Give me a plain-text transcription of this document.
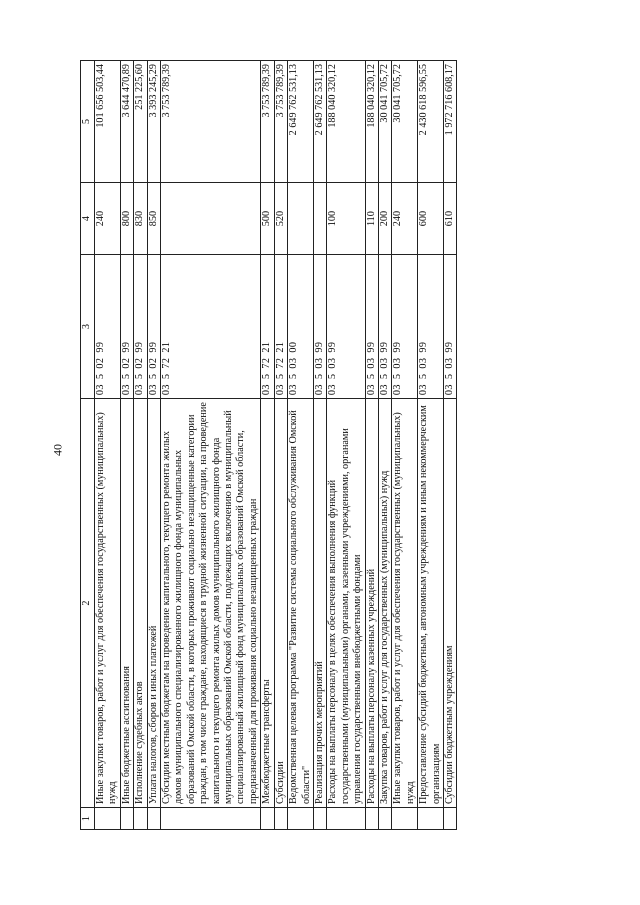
40
1	2	3	4	5
	Иные закупки товаров, работ и услуг для обеспечения государственных (муниципальных) нужд	0350299	240	101 656 503,44
	Иные бюджетные ассигнования	0350299	800	3 644 470,89
	Исполнение судебных актов	0350299	830	251 225,60
	Уплата налогов, сборов и иных платежей	0350299	850	3 393 245,29
	Субсидии местным бюджетам на проведение капитального, текущего ремонта жилых домов муниципального специализированного жилищного фонда муниципальных образований Омской области, в которых проживают социально незащищенные категории граждан, в том числе граждане, находящиеся в трудной жизненной ситуации, на проведение капитального и текущего ремонта жилых домов муниципального жилищного фонда муниципальных образований Омской области, подлежащих включению в муниципальный специализированный жилищный фонд муниципальных образований Омской области, предназначенный для проживания социально незащищенных граждан	0357221		3 753 789,39
	Межбюджетные трансферты	0357221	500	3 753 789,39
	Субсидии	0357221	520	3 753 789,39
	Ведомственная целевая программа "Развитие системы социального обслуживания Омской области"	0350300		2 649 762 531,13
	Реализация прочих мероприятий	0350399		2 649 762 531,13
	Расходы на выплаты персоналу в целях обеспечения выполнения функций государственными (муниципальными) органами, казенными учреждениями, органами управления государственными внебюджетными фондами	0350399	100	188 040 320,12
	Расходы на выплаты персоналу казенных учреждений	0350399	110	188 040 320,12
	Закупка товаров, работ и услуг для государственных (муниципальных) нужд	0350399	200	30 041 705,72
	Иные закупки товаров, работ и услуг для обеспечения государственных (муниципальных) нужд	0350399	240	30 041 705,72
	Предоставление субсидий бюджетным, автономным учреждениям и иным некоммерческим организациям	0350399	600	2 430 618 596,55
	Субсидии бюджетным учреждениям	0350399	610	1 972 716 608,17
